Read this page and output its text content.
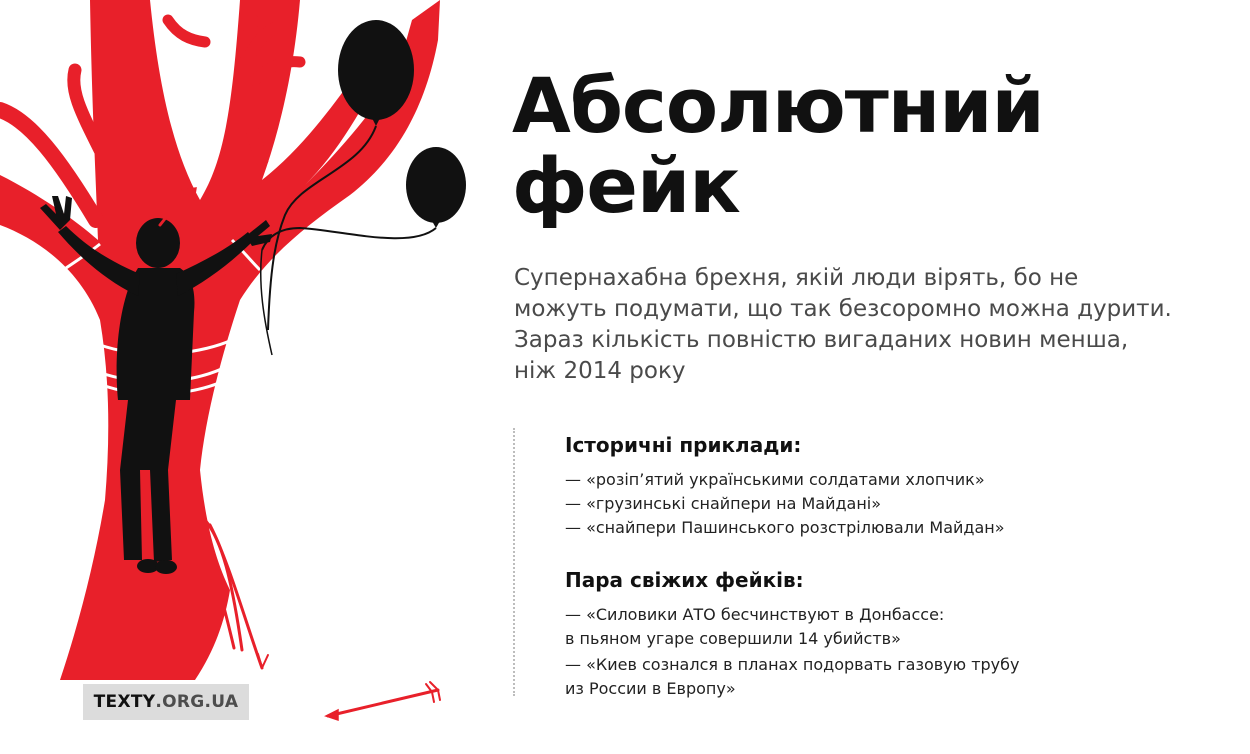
Абсолютний
фейк

Супернахабна брехня, якій люди вірять, бо не можуть подумати, що так безсоромно можна дурити. Зараз кількість повністю вигаданих новин менша, ніж 2014 року

Історичні приклади:
— «розіп’ятий українськими солдатами хлопчик»
— «грузинські снайпери на Майдані»
— «снайпери Пашинського розстрілювали Майдан»
Пара свіжих фейків:
— «Силовики АТО бесчинствуют в Донбассе:
в пьяном угаре совершили 14 убийств»
— «Киев сознался в планах подорвать газовую трубу
из России в Европу»
TEXTY .ORG.UA
